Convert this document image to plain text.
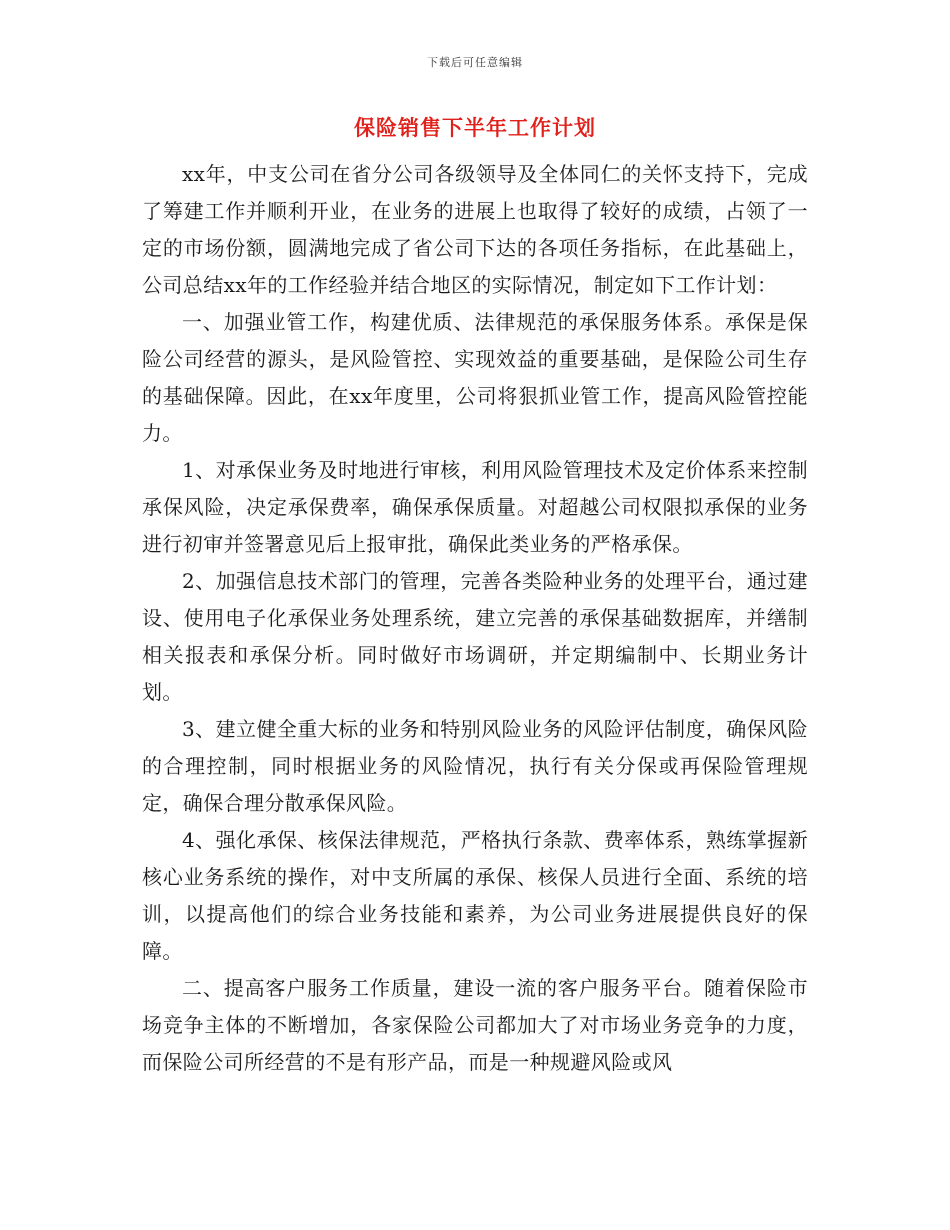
下载后可任意编辑
保险销售下半年工作计划

xx年，中支公司在省分公司各级领导及全体同仁的关怀支持下，完成了筹建工作并顺利开业，在业务的进展上也取得了较好的成绩，占领了一定的市场份额，圆满地完成了省公司下达的各项任务指标，在此基础上，公司总结xx年的工作经验并结合地区的实际情况，制定如下工作计划：

一、加强业管工作，构建优质、法律规范的承保服务体系。承保是保险公司经营的源头，是风险管控、实现效益的重要基础，是保险公司生存的基础保障。因此，在xx年度里，公司将狠抓业管工作，提高风险管控能力。

1、对承保业务及时地进行审核，利用风险管理技术及定价体系来控制承保风险，决定承保费率，确保承保质量。对超越公司权限拟承保的业务进行初审并签署意见后上报审批，确保此类业务的严格承保。

2、加强信息技术部门的管理，完善各类险种业务的处理平台，通过建设、使用电子化承保业务处理系统，建立完善的承保基础数据库，并缮制相关报表和承保分析。同时做好市场调研，并定期编制中、长期业务计划。

3、建立健全重大标的业务和特别风险业务的风险评估制度，确保风险的合理控制，同时根据业务的风险情况，执行有关分保或再保险管理规定，确保合理分散承保风险。

4、强化承保、核保法律规范，严格执行条款、费率体系，熟练掌握新核心业务系统的操作，对中支所属的承保、核保人员进行全面、系统的培训，以提高他们的综合业务技能和素养，为公司业务进展提供良好的保障。

二、提高客户服务工作质量，建设一流的客户服务平台。随着保险市场竞争主体的不断增加，各家保险公司都加大了对市场业务竞争的力度，而保险公司所经营的不是有形产品，而是一种规避风险或风
